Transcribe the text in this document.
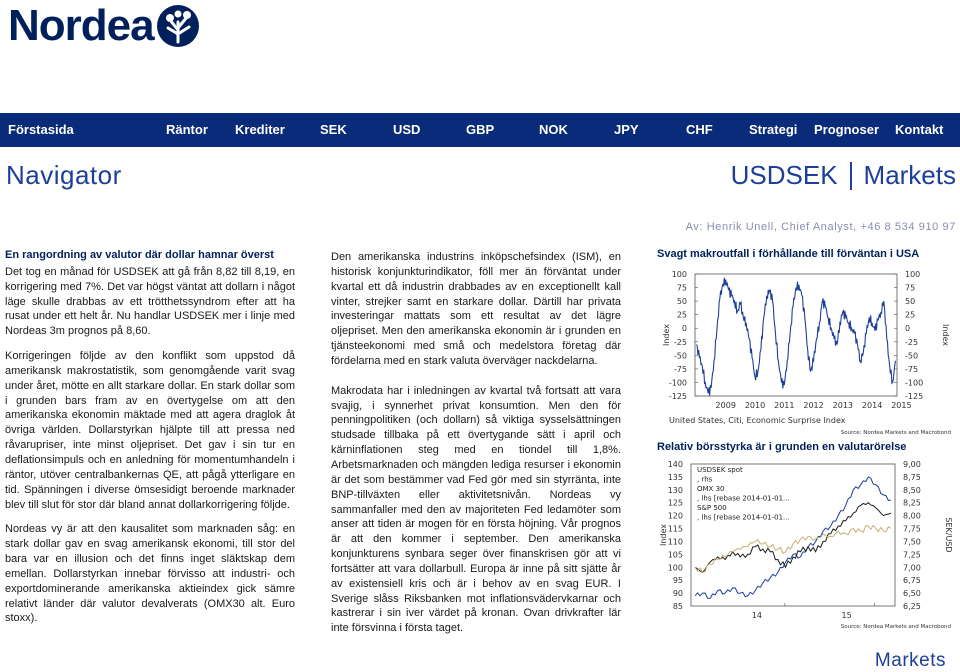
Nordea
Förstasida	Räntor Krediter	SEK	USD	GBP	NOK	JPY	CHF	Strategi Prognoser Kontakt
Navigator	USDSEK Markets
Av: Henrik Unell, Chief Analyst, +46 8 534 910 97
En rangordning av valutor där dollar hamnar överst

Det tog en månad för USDSEK att gå från 8,82 till 8,19, en korrigering med 7%. Det var högst väntat att dollarn i något läge skulle drabbas av ett trötthetssyndrom efter att ha rusat under ett helt år. Nu handlar USDSEK mer i linje med Nordeas 3m prognos på 8,60.

Korrigeringen följde av den konflikt som uppstod då amerikansk makrostatistik, som genomgående varit svag under året, mötte en allt starkare dollar. En stark dollar som i grunden bars fram av en övertygelse om att den amerikanska ekonomin mäktade med att agera draglok åt övriga världen. Dollarstyrkan hjälpte till att pressa ned råvarupriser, inte minst oljepriset. Det gav i sin tur en deflationsimpuls och en anledning för momentumhandeln i räntor, utöver centralbankernas QE, att pågå ytterligare en tid. Spänningen i diverse ömsesidigt beroende marknader blev till slut för stor där bland annat dollarkorrigering följde.

Nordeas vy är att den kausalitet som marknaden såg: en stark dollar gav en svag amerikansk ekonomi, till stor del bara var en illusion och det finns inget släktskap dem emellan. Dollarstyrkan innebar förvisso att industri- och exportdominerande amerikanska aktieindex gick sämre relativt länder där valutor devalverats (OMX30 alt. Euro stoxx).

Den amerikanska industrins inköpschefsindex (ISM), en historisk konjunkturindikator, föll mer än förväntat under kvartal ett då industrin drabbades av en exceptionellt kall vinter, strejker samt en starkare dollar. Därtill har privata investeringar mattats som ett resultat av det lägre oljepriset. Men den amerikanska ekonomin är i grunden en tjänsteekonomi med små och medelstora företag där fördelarna med en stark valuta överväger nackdelarna.

Makrodata har i inledningen av kvartal två fortsatt att vara svajig, i synnerhet privat konsumtion. Men den för penningpolitiken (och dollarn) så viktiga sysselsättningen studsade tillbaka på ett övertygande sätt i april och kärninflationen steg med en tiondel till 1,8%. Arbetsmarknaden och mängden lediga resurser i ekonomin är det som bestämmer vad Fed gör med sin styrränta, inte BNP-tillväxten eller aktivitetsnivån. Nordeas vy sammanfaller med den av majoriteten Fed ledamöter som anser att tiden är mogen för en första höjning. Vår prognos är att den kommer i september. Den amerikanska konjunkturens synbara seger över finanskrisen gör att vi fortsätter att vara dollarbull. Europa är inne på sitt sjätte år av existensiell kris och är i behov av en svag EUR. I Sverige slåss Riksbanken mot inflationsvädervkarnar och kastrerar i sin iver värdet på kronan. Ovan drivkrafter lär inte försvinna i första taget.

Svagt makroutfall i förhållande till förväntan i USA
100	100
75	75
50	50
25	25
0	0
-25	-25
-50	-50
-75	-75
-100	-100
-125	-125
2009 2010 2011 2012 2013 2014 2015
Index	Index
United States, Citi, Economic Surprise Index
Source: Nordea Markets and Macrobond
Relativ börsstyrka är i grunden en valutarörelse
140
135
130
125
120
115
110
105
100
95
90
85
9,00
8,75
8,50
8,25
8,00
7,75
7,50
7,25
7,00
6,75
6,50
6,25
14	15
Index	SEK/USD
USDSEK spot
, rhs
OMX 30
, lhs [rebase 2014-01-01...
S&P 500
, lhs [rebase 2014-01-01...
Source: Nordea Markets and Macrobond
Markets
